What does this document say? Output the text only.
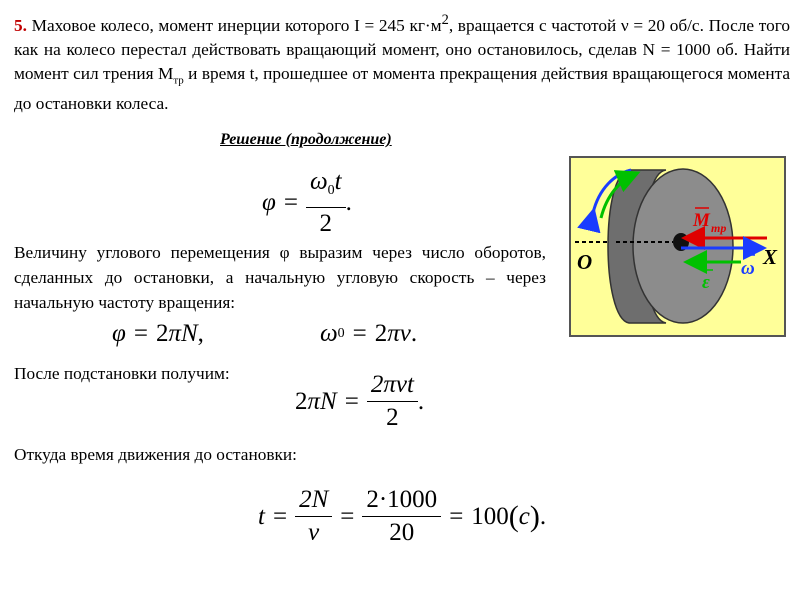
5. Маховое колесо, момент инерции которого I = 245 $кг\cdot м^2$, вращается с частотой ν = 20 об/с. После того как на колесо перестал действовать вращающий момент, оно остановилось, сделав N = 1000 об. Найти момент сил трения $M_{тр}$ и время t, прошедшее от момента прекращения действия вращающегося момента до остановки колеса.
Решение (продолжение)
$\varphi = \frac{\omega_0t}{2}$ .
Величину углового перемещения φ выразим через число оборотов, сделанных до остановки, а начальную угловую скорость – через начальную частоту вращения:
φ = 2 π N ,	ω 0 = 2 π ν .
После подстановки получим:
2 π $N = \frac{\text{2πνt}}{2}$ .
Откуда время движения до остановки:
$t = \frac{2N}{\nu} = \frac{2\cdot 1000}{20} = 100$ ( c ) .
O	X
M тр
ω
ε
